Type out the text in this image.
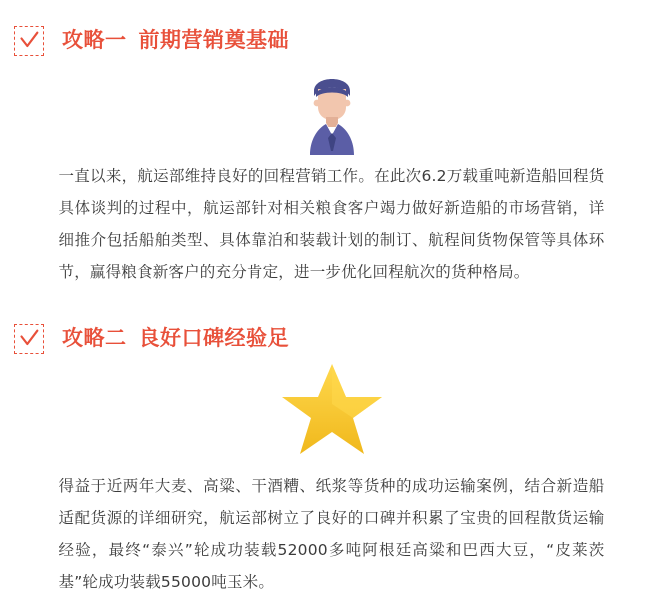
攻略一 前期营销奠基础

一直以来，航运部维持良好的回程营销工作。在此次6.2万载重吨新造船回程货具体谈判的过程中，航运部针对相关粮食客户竭力做好新造船的市场营销，详细推介包括船舶类型、具体靠泊和装载计划的制订、航程间货物保管等具体环节，赢得粮食新客户的充分肯定，进一步优化回程航次的货种格局。

攻略二 良好口碑经验足

得益于近两年大麦、高粱、干酒糟、纸浆等货种的成功运输案例，结合新造船适配货源的详细研究，航运部树立了良好的口碑并积累了宝贵的回程散货运输经验，最终“泰兴”轮成功装载52000多吨阿根廷高粱和巴西大豆，“皮莱茨基”轮成功装载55000吨玉米。
